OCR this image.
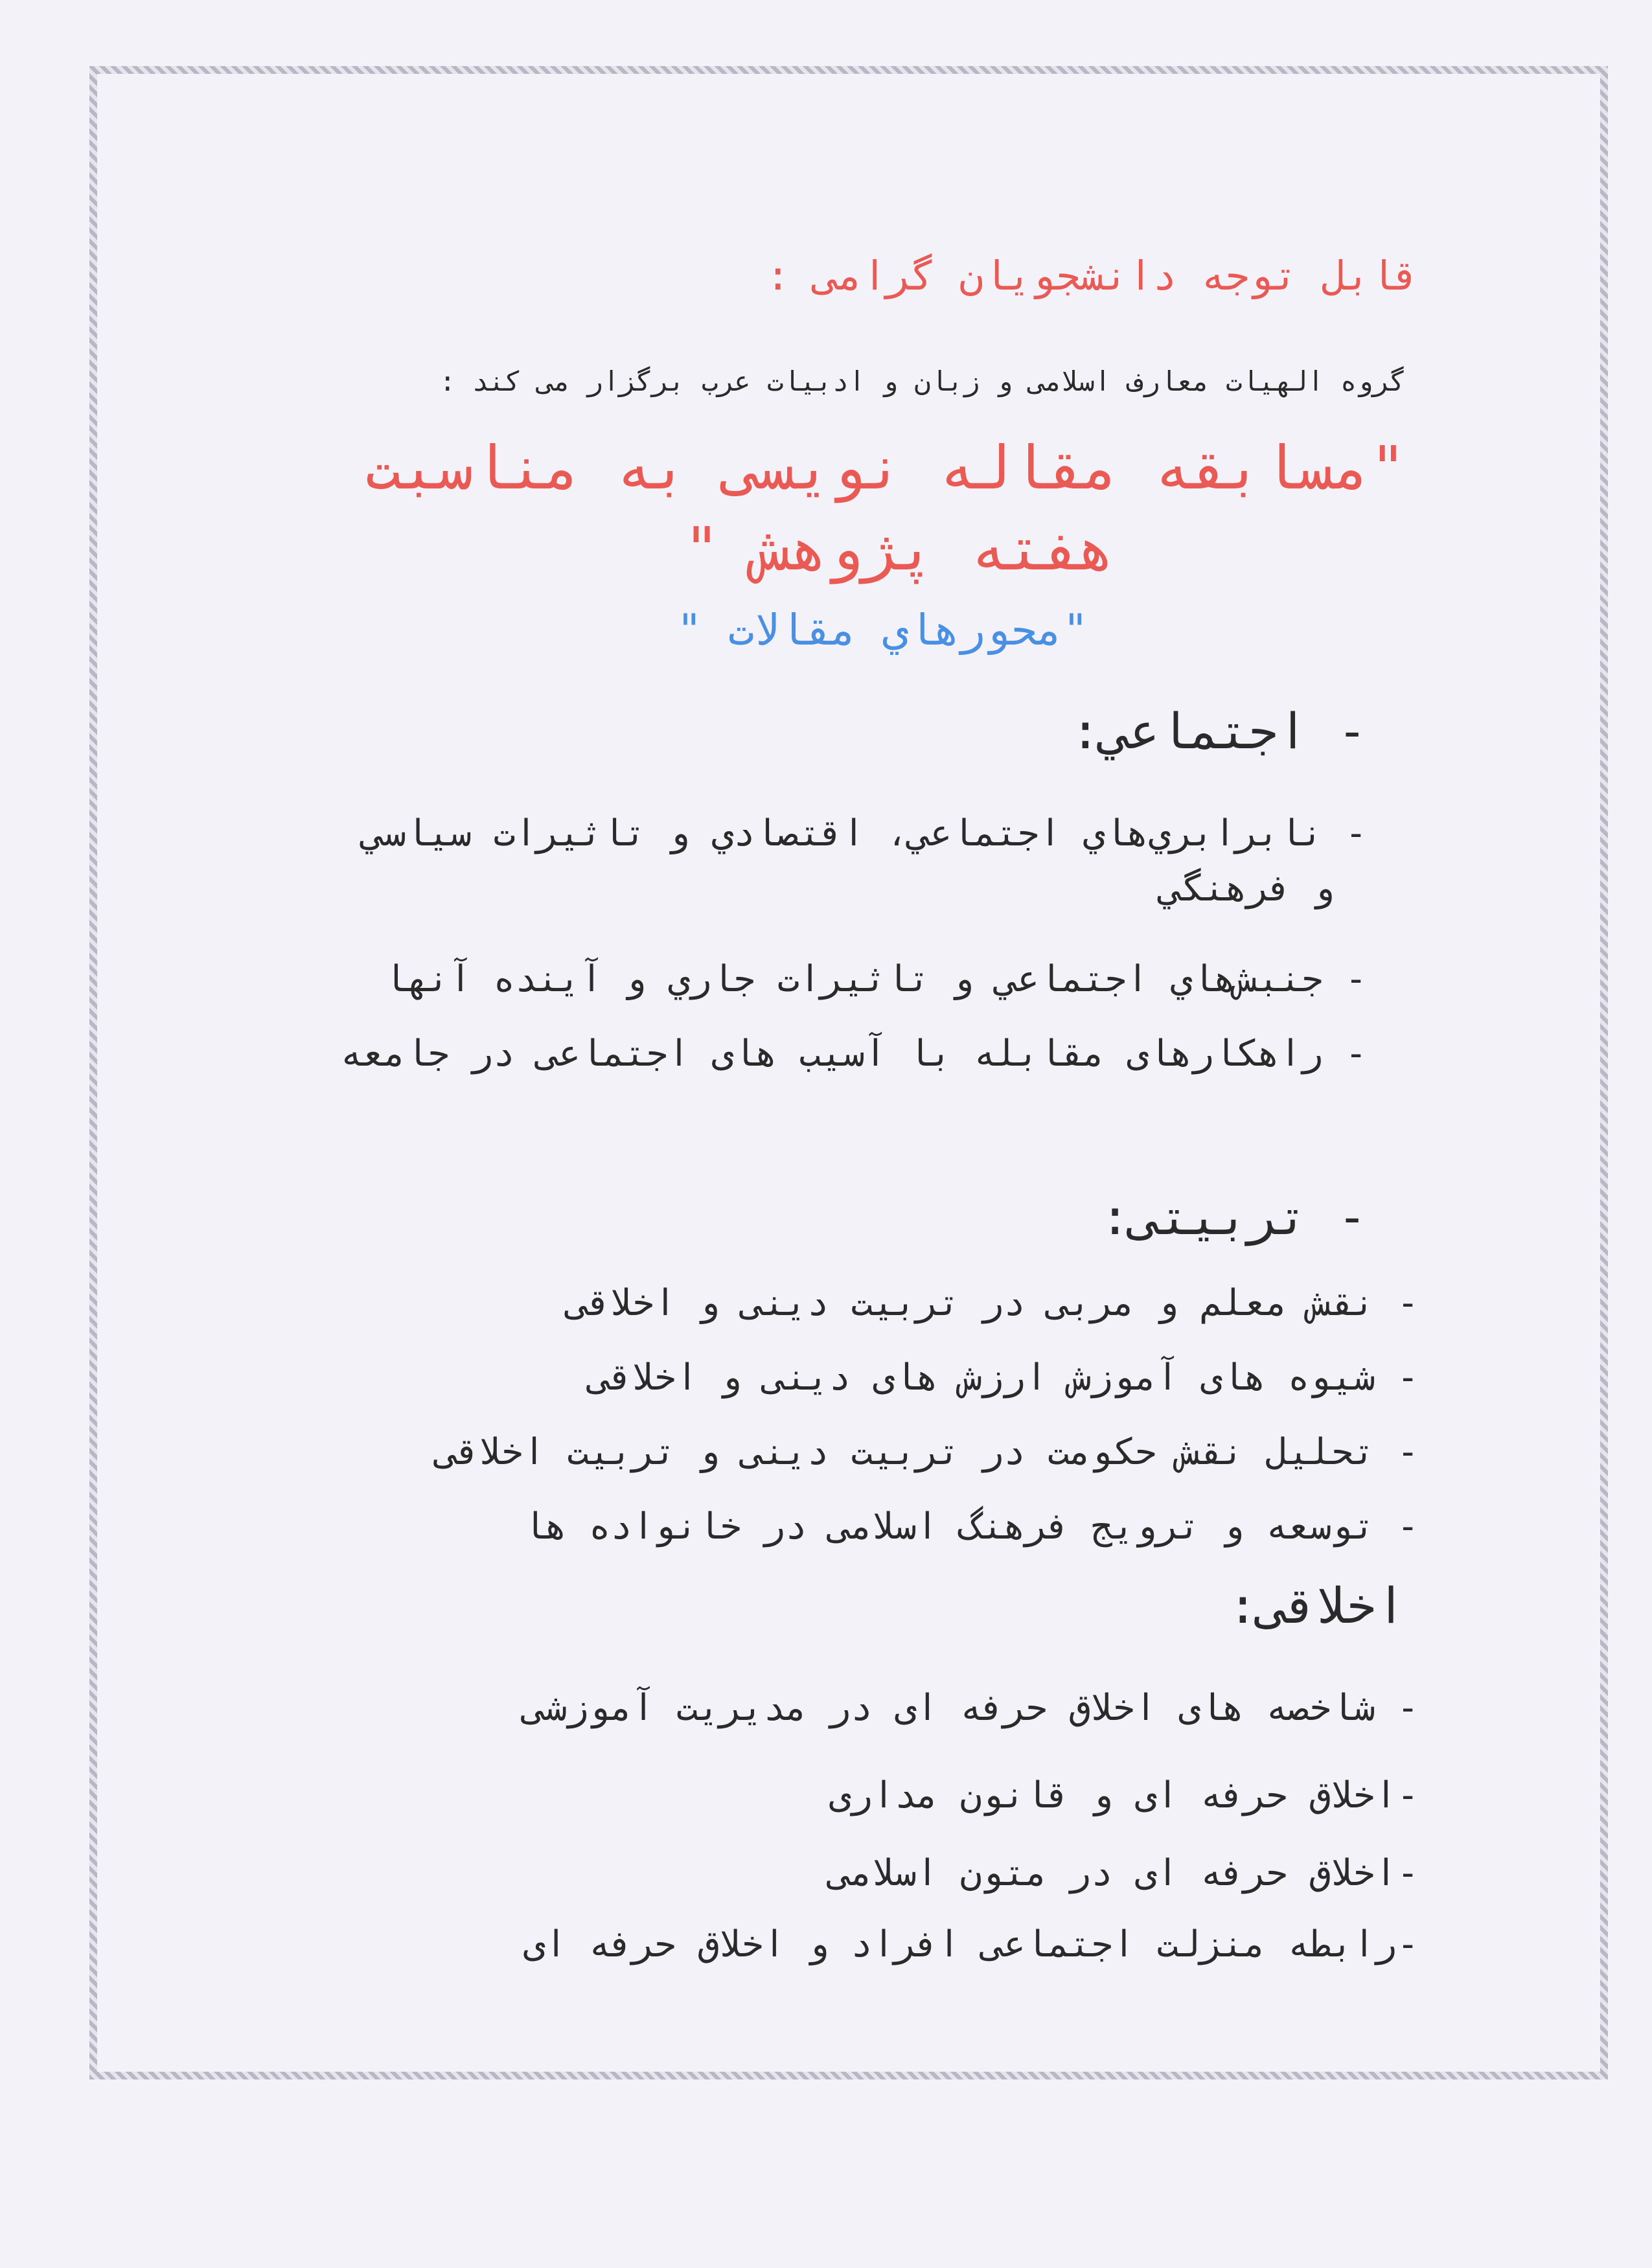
قابل توجه دانشجويان گرامی :
گروه الهيات معارف اسلامی و زبان و ادبيات عرب برگزار می كند :
"مسابقه مقاله نويسی به مناسبت
هفته پژوهش "
"محورهاي مقالات "
- اجتماعي:
- نابرابري‌هاي اجتماعي، اقتصادي و تاثيرات سياسي
و فرهنگي
- جنبش‌هاي اجتماعي و تاثيرات جاري و آينده آنها
- راهكارهای مقابله با آسيب های اجتماعی در جامعه
- تربيتی:
- نقش معلم و مربی در تربيت دينی و اخلاقی
- شيوه های آموزش ارزش های دينی و اخلاقی
- تحليل نقش حكومت در تربيت دينی و تربيت اخلاقی
- توسعه و ترويج فرهنگ اسلامی در خانواده ها
اخلاقی:
- شاخصه های اخلاق حرفه ای در مديريت آموزشی
-اخلاق حرفه ای و قانون مداری
-اخلاق حرفه ای در متون اسلامی
-رابطه منزلت اجتماعی افراد و اخلاق حرفه ای
